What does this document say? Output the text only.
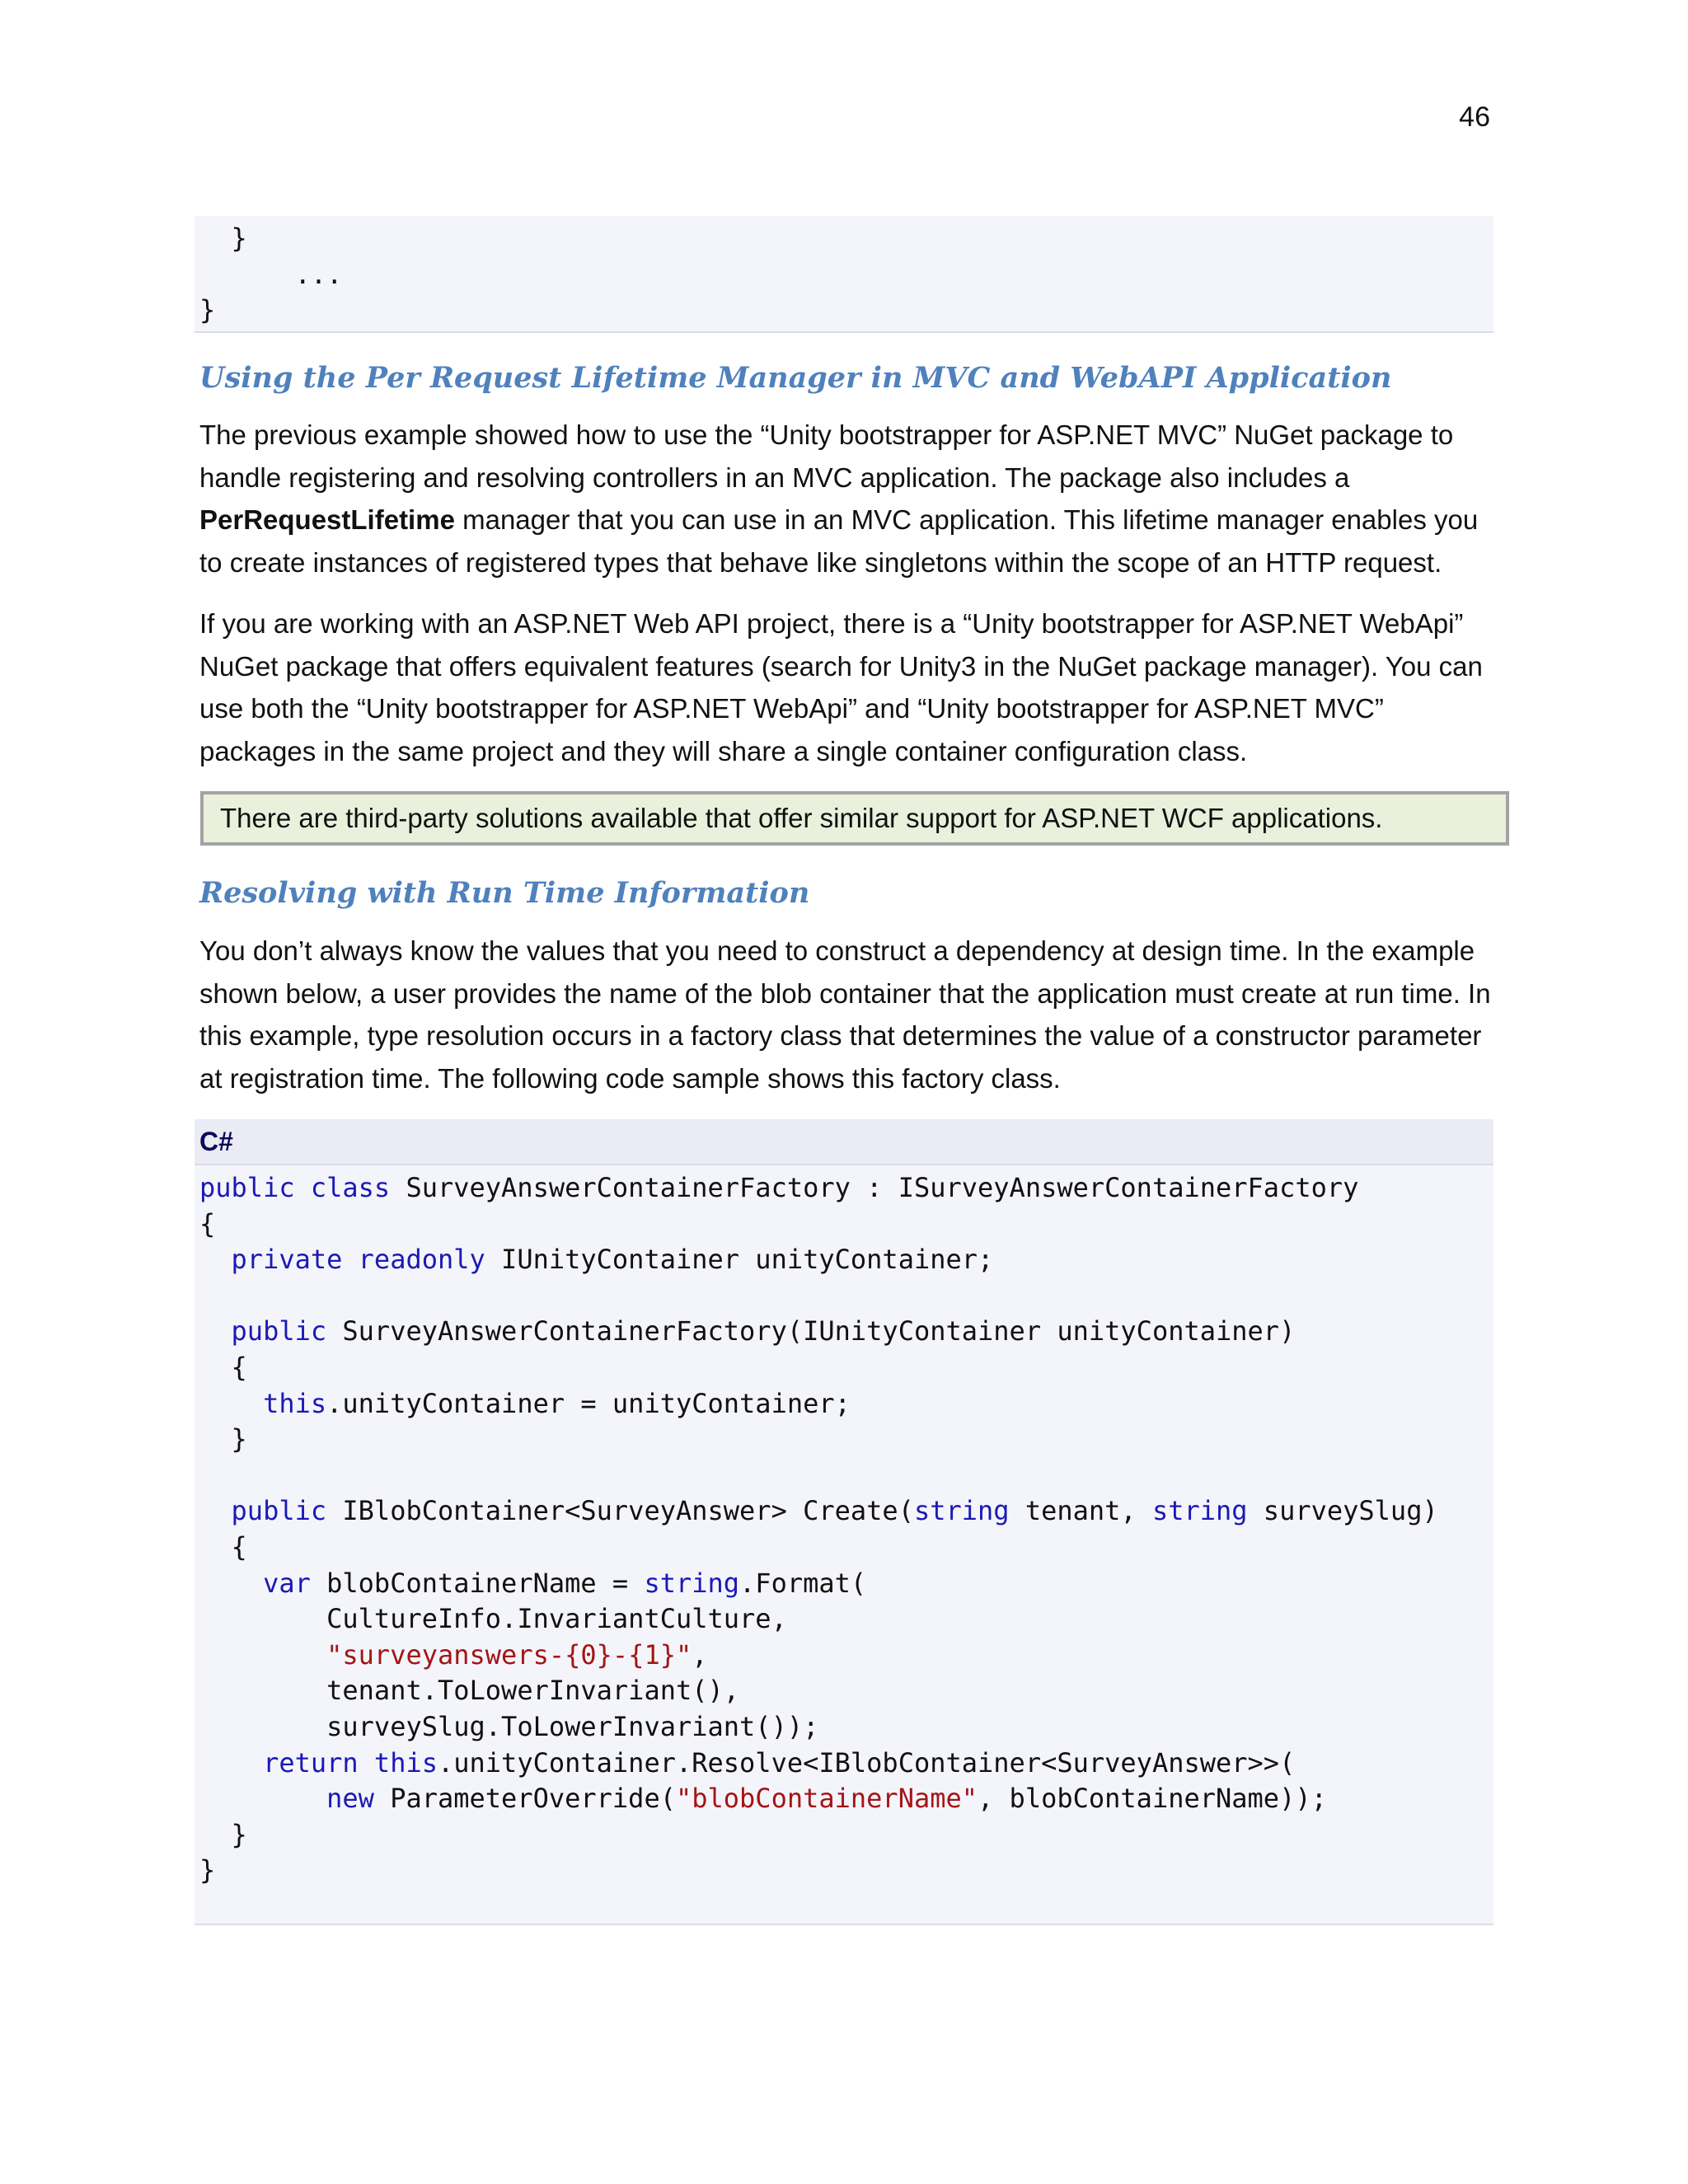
46
}
...
}
Using the Per Request Lifetime Manager in MVC and WebAPI Application

The previous example showed how to use the “Unity bootstrapper for ASP.NET MVC” NuGet package to handle registering and resolving controllers in an MVC application. The package also includes a PerRequestLifetime manager that you can use in an MVC application. This lifetime manager enables you to create instances of registered types that behave like singletons within the scope of an HTTP request.

If you are working with an ASP.NET Web API project, there is a “Unity bootstrapper for ASP.NET WebApi” NuGet package that offers equivalent features (search for Unity3 in the NuGet package manager). You can use both the “Unity bootstrapper for ASP.NET WebApi” and “Unity bootstrapper for ASP.NET MVC” packages in the same project and they will share a single container configuration class.

There are third-party solutions available that offer similar support for ASP.NET WCF applications.
Resolving with Run Time Information

You don’t always know the values that you need to construct a dependency at design time. In the example shown below, a user provides the name of the blob container that the application must create at run time. In this example, type resolution occurs in a factory class that determines the value of a constructor parameter at registration time. The following code sample shows this factory class.

C#
public class SurveyAnswerContainerFactory : ISurveyAnswerContainerFactory
{
private readonly IUnityContainer unityContainer;

public SurveyAnswerContainerFactory(IUnityContainer unityContainer)
{
this.unityContainer = unityContainer;
}

public IBlobContainer<SurveyAnswer> Create(string tenant, string surveySlug)
{
var blobContainerName = string.Format(
CultureInfo.InvariantCulture,
"surveyanswers-{0}-{1}",
tenant.ToLowerInvariant(),
surveySlug.ToLowerInvariant());
return this.unityContainer.Resolve<IBlobContainer<SurveyAnswer>>(
new ParameterOverride("blobContainerName", blobContainerName));
}
}
